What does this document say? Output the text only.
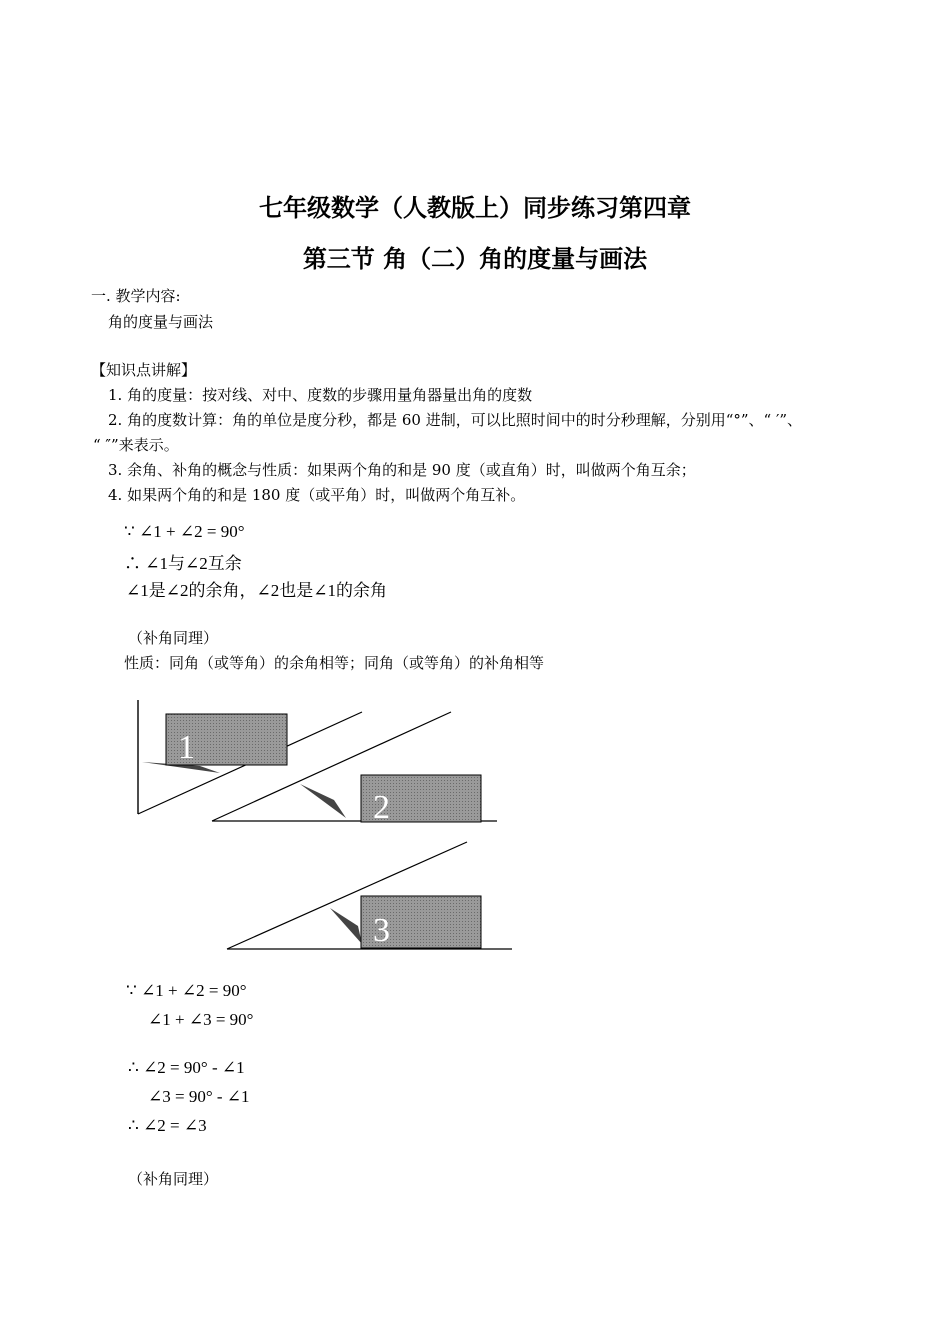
七年级数学（人教版上）同步练习第四章
第三节 角（二）角的度量与画法
一. 教学内容:
角的度量与画法
【知识点讲解】
1. 角的度量：按对线、对中、度数的步骤用量角器量出角的度数
2. 角的度数计算：角的单位是度分秒，都是 60 进制，可以比照时间中的时分秒理解，分别用“°”、“ ′”、
“ ″”来表示。
3. 余角、补角的概念与性质：如果两个角的和是 90 度（或直角）时，叫做两个角互余；
4. 如果两个角的和是 180 度（或平角）时，叫做两个角互补。
∵ ∠1 + ∠2 = 90°
∴ ∠1与∠2互余
∠1是∠2的余角，∠2也是∠1的余角
（补角同理）
性质：同角（或等角）的余角相等；同角（或等角）的补角相等
1
2
3
∵ ∠1 + ∠2 = 90°
∠1 + ∠3 = 90°
∴ ∠2 = 90° - ∠1
∠3 = 90° - ∠1
∴ ∠2 = ∠3
（补角同理）
